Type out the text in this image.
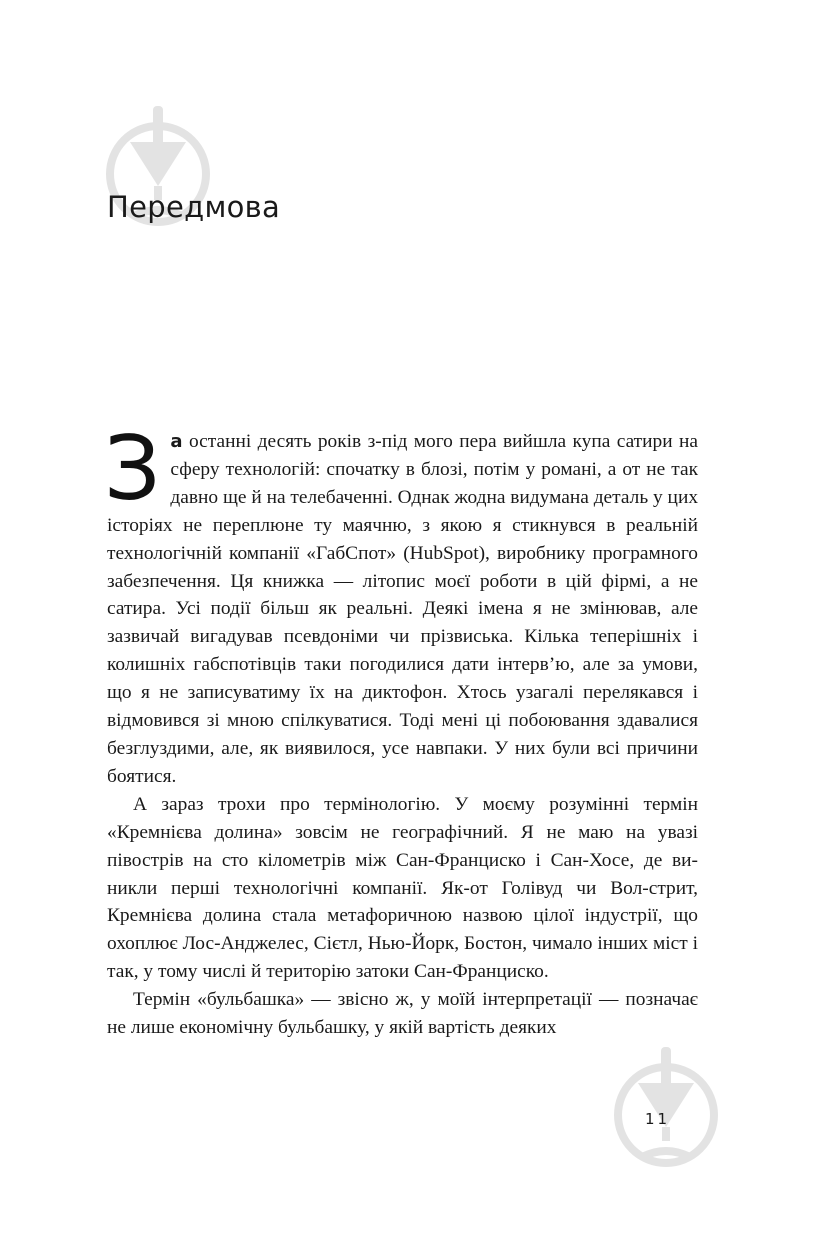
Передмова

За останні десять років з-під мого пера вийшла купа сатири на сферу технологій: спочатку в блозі, потім у романі, а от не так давно ще й на телебаченні. Однак жодна видумана деталь у цих історіях не переплюне ту маячню, з якою я стикнувся в реальній технологічній компанії «ГабСпот» (HubSpot), виробнику програмного забезпечення. Ця книжка — літопис моєї роботи в цій фірмі, а не сатира. Усі події більш як реальні. Деякі імена я не змінював, але зазвичай вигадував псевдоніми чи прізвиська. Кілька теперішніх і колишніх габспотівців таки погодилися дати інтерв’ю, але за умови, що я не записуватиму їх на диктофон. Хтось узагалі перелякався і відмовився зі мною спілкуватися. Тоді мені ці побоювання здавалися безглуздими, але, як виявилося, усе навпаки. У них були всі причини боятися.

А зараз трохи про термінологію. У моєму розумінні термін «Кремнієва долина» зовсім не географічний. Я не маю на увазі півострів на сто кілометрів між Сан-Франциско і Сан-Хосе, де виникли перші технологічні компанії. Як-от Голівуд чи Вол-стрит, Кремнієва долина стала метафоричною назвою цілої індустрії, що охоплює Лос-Анджелес, Сієтл, Нью-Йорк, Бостон, чимало інших міст і так, у тому числі й територію затоки Сан-Франциско.

Термін «бульбашка» — звісно ж, у моїй інтерпретації — позначає не лише економічну бульбашку, у якій вартість деяких

11
